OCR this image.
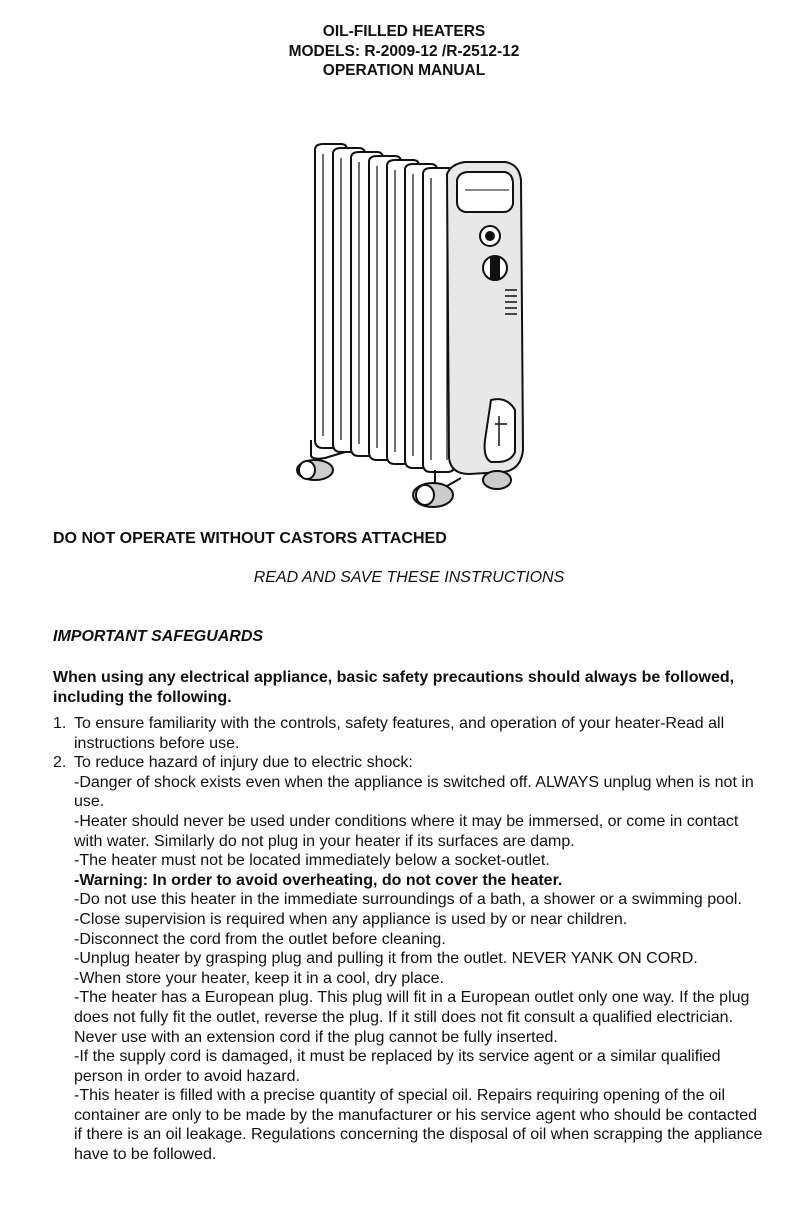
OIL-FILLED HEATERS
MODELS: R-2009-12 /R-2512-12
OPERATION MANUAL
DO NOT OPERATE WITHOUT CASTORS ATTACHED
READ AND SAVE THESE INSTRUCTIONS
IMPORTANT SAFEGUARDS
When using any electrical appliance, basic safety precautions should always be followed, including the following.
1. To ensure familiarity with the controls, safety features, and operation of your heater-Read all instructions before use.
2. To reduce hazard of injury due to electric shock:
-Danger of shock exists even when the appliance is switched off. ALWAYS unplug when is not in use.
-Heater should never be used under conditions where it may be immersed, or come in contact with water. Similarly do not plug in your heater if its surfaces are damp.
-The heater must not be located immediately below a socket-outlet.
-Warning: In order to avoid overheating, do not cover the heater.
-Do not use this heater in the immediate surroundings of a bath, a shower or a swimming pool.
-Close supervision is required when any appliance is used by or near children.
-Disconnect the cord from the outlet before cleaning.
-Unplug heater by grasping plug and pulling it from the outlet. NEVER YANK ON CORD.
-When store your heater, keep it in a cool, dry place.
-The heater has a European plug. This plug will fit in a European outlet only one way. If the plug does not fully fit the outlet, reverse the plug. If it still does not fit consult a qualified electrician. Never use with an extension cord if the plug cannot be fully inserted.
-If the supply cord is damaged, it must be replaced by its service agent or a similar qualified person in order to avoid hazard.
-This heater is filled with a precise quantity of special oil. Repairs requiring opening of the oil container are only to be made by the manufacturer or his service agent who should be contacted if there is an oil leakage. Regulations concerning the disposal of oil when scrapping the appliance have to be followed.
